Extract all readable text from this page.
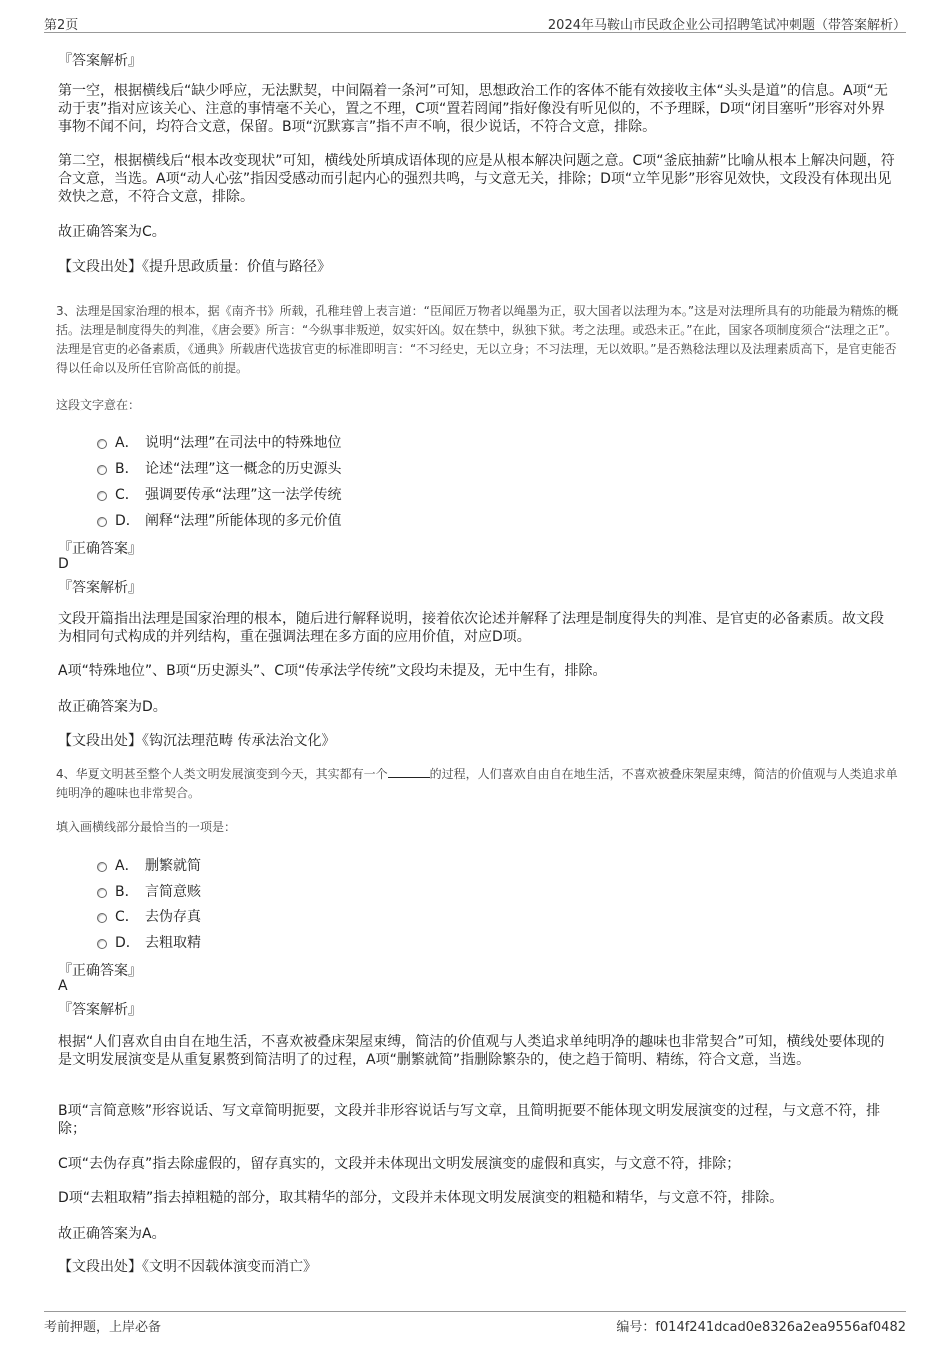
第2页	2024年马鞍山市民政企业公司招聘笔试冲刺题（带答案解析）
『答案解析』
第一空，根据横线后“缺少呼应，无法默契，中间隔着一条河”可知，思想政治工作的客体不能有效接收主体“头头是道”的信息。A项“无动于衷”指对应该关心、注意的事情毫不关心，置之不理，C项“置若罔闻”指好像没有听见似的，不予理睬，D项“闭目塞听”形容对外界事物不闻不问，均符合文意，保留。B项“沉默寡言”指不声不响，很少说话，不符合文意，排除。
第二空，根据横线后“根本改变现状”可知，横线处所填成语体现的应是从根本解决问题之意。C项“釜底抽薪”比喻从根本上解决问题，符合文意，当选。A项“动人心弦”指因受感动而引起内心的强烈共鸣，与文意无关，排除；D项“立竿见影”形容见效快，文段没有体现出见效快之意，不符合文意，排除。
故正确答案为C。
【文段出处】《提升思政质量：价值与路径》
3、法理是国家治理的根本，据《南齐书》所载，孔稚珪曾上表言道：“臣闻匠万物者以绳墨为正，驭大国者以法理为本。”这是对法理所具有的功能最为精炼的概括。法理是制度得失的判准，《唐会要》所言：“今纵事非叛逆，奴实奸凶。奴在禁中，纵独下狱。考之法理。或恐未正。”在此，国家各项制度须合“法理之正”。法理是官吏的必备素质，《通典》所载唐代选拔官吏的标准即明言：“不习经史，无以立身；不习法理，无以效职。”是否熟稔法理以及法理素质高下，是官吏能否得以任命以及所任官阶高低的前提。
这段文字意在：
A． 说明“法理”在司法中的特殊地位
B． 论述“法理”这一概念的历史源头
C． 强调要传承“法理”这一法学传统
D． 阐释“法理”所能体现的多元价值
『正确答案』
D
『答案解析』
文段开篇指出法理是国家治理的根本，随后进行解释说明，接着依次论述并解释了法理是制度得失的判准、是官吏的必备素质。故文段为相同句式构成的并列结构，重在强调法理在多方面的应用价值，对应D项。
A项“特殊地位”、B项“历史源头”、C项“传承法学传统”文段均未提及，无中生有，排除。
故正确答案为D。
【文段出处】《钩沉法理范畴 传承法治文化》
4、华夏文明甚至整个人类文明发展演变到今天，其实都有一个	的过程，人们喜欢自由自在地生活，不喜欢被叠床架屋束缚，简洁的价值观与人类追求单纯明净的趣味也非常契合。
填入画横线部分最恰当的一项是：
A． 删繁就简
B． 言简意赅
C． 去伪存真
D． 去粗取精
『正确答案』
A
『答案解析』
根据“人们喜欢自由自在地生活，不喜欢被叠床架屋束缚，简洁的价值观与人类追求单纯明净的趣味也非常契合”可知，横线处要体现的是文明发展演变是从重复累赘到简洁明了的过程，A项“删繁就简”指删除繁杂的，使之趋于简明、精练，符合文意，当选。
B项“言简意赅”形容说话、写文章简明扼要，文段并非形容说话与写文章，且简明扼要不能体现文明发展演变的过程，与文意不符，排除；
C项“去伪存真”指去除虚假的，留存真实的，文段并未体现出文明发展演变的虚假和真实，与文意不符，排除；
D项“去粗取精”指去掉粗糙的部分，取其精华的部分，文段并未体现文明发展演变的粗糙和精华，与文意不符，排除。
故正确答案为A。
【文段出处】《文明不因载体演变而消亡》
考前押题，上岸必备	编号：f014f241dcad0e8326a2ea9556af0482
